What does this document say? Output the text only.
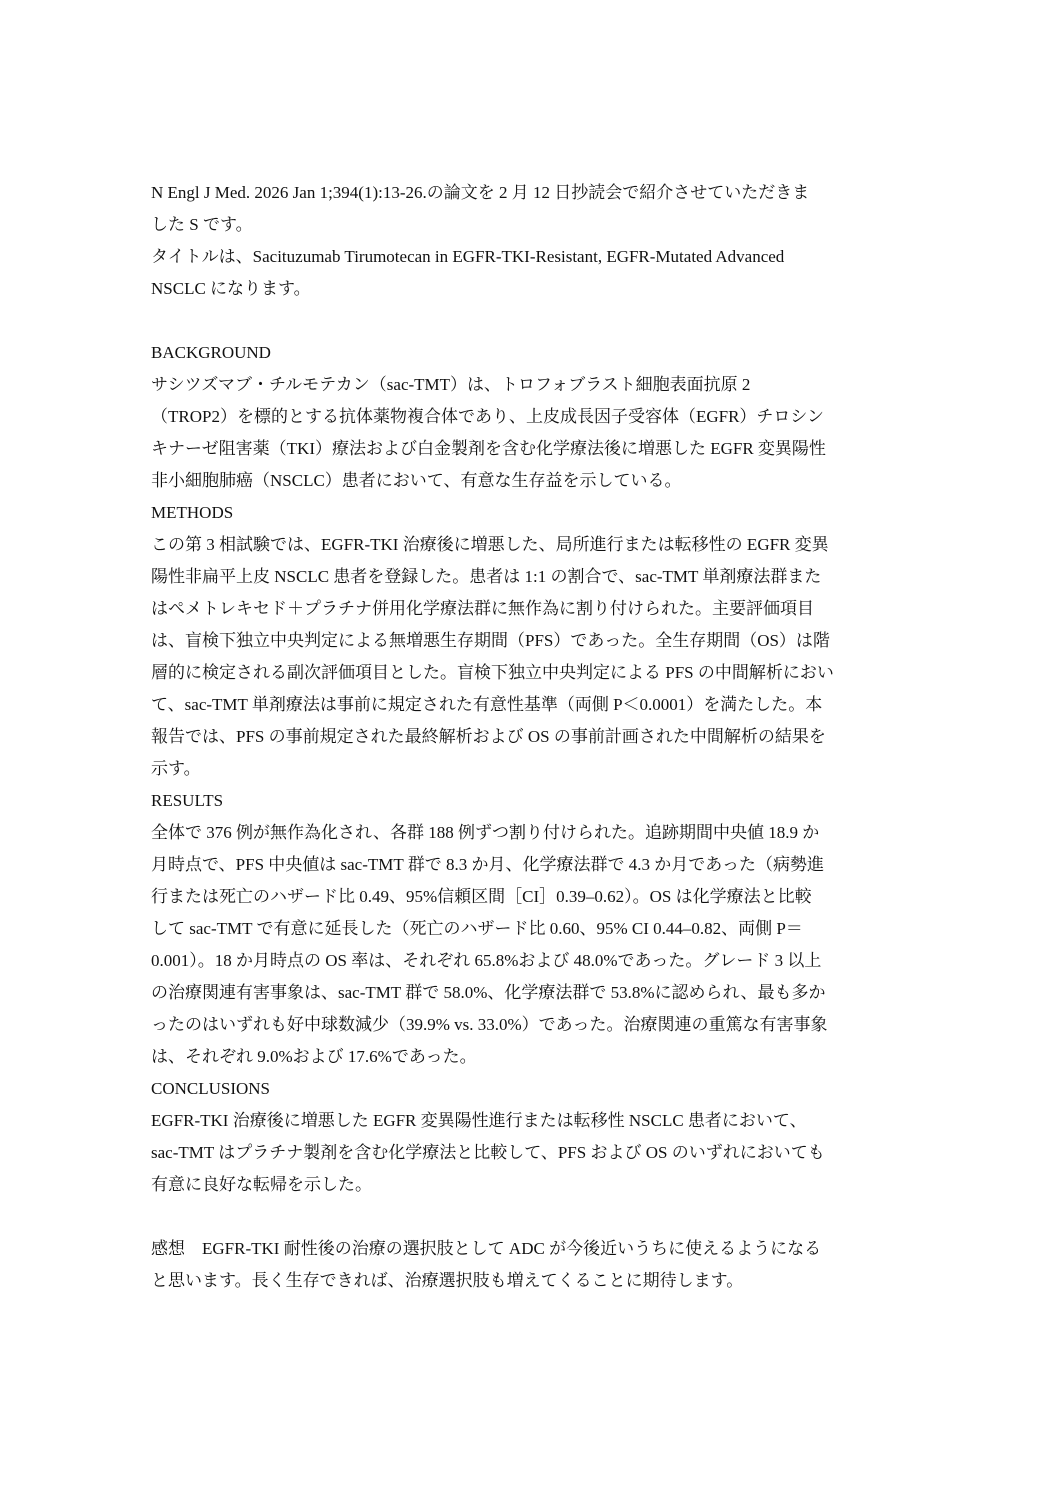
N Engl J Med. 2026 Jan 1;394(1):13-26.の論文を 2 月 12 日抄読会で紹介させていただきま
した S です。
タイトルは、Sacituzumab Tirumotecan in EGFR-TKI-Resistant, EGFR-Mutated Advanced
NSCLC になります。
BACKGROUND
サシツズマブ・チルモテカン（sac-TMT）は、トロフォブラスト細胞表面抗原 2
（TROP2）を標的とする抗体薬物複合体であり、上皮成長因子受容体（EGFR）チロシン
キナーゼ阻害薬（TKI）療法および白金製剤を含む化学療法後に増悪した EGFR 変異陽性
非小細胞肺癌（NSCLC）患者において、有意な生存益を示している。
METHODS
この第 3 相試験では、EGFR-TKI 治療後に増悪した、局所進行または転移性の EGFR 変異
陽性非扁平上皮 NSCLC 患者を登録した。患者は 1:1 の割合で、sac-TMT 単剤療法群また
はペメトレキセド＋プラチナ併用化学療法群に無作為に割り付けられた。主要評価項目
は、盲検下独立中央判定による無増悪生存期間（PFS）であった。全生存期間（OS）は階
層的に検定される副次評価項目とした。盲検下独立中央判定による PFS の中間解析におい
て、sac-TMT 単剤療法は事前に規定された有意性基準（両側 P＜0.0001）を満たした。本
報告では、PFS の事前規定された最終解析および OS の事前計画された中間解析の結果を
示す。
RESULTS
全体で 376 例が無作為化され、各群 188 例ずつ割り付けられた。追跡期間中央値 18.9 か
月時点で、PFS 中央値は sac-TMT 群で 8.3 か月、化学療法群で 4.3 か月であった（病勢進
行または死亡のハザード比 0.49、95%信頼区間［CI］0.39–0.62）。OS は化学療法と比較
して sac-TMT で有意に延長した（死亡のハザード比 0.60、95% CI 0.44–0.82、両側 P＝
0.001）。18 か月時点の OS 率は、それぞれ 65.8%および 48.0%であった。グレード 3 以上
の治療関連有害事象は、sac-TMT 群で 58.0%、化学療法群で 53.8%に認められ、最も多か
ったのはいずれも好中球数減少（39.9% vs. 33.0%）であった。治療関連の重篤な有害事象
は、それぞれ 9.0%および 17.6%であった。
CONCLUSIONS
EGFR-TKI 治療後に増悪した EGFR 変異陽性進行または転移性 NSCLC 患者において、
sac-TMT はプラチナ製剤を含む化学療法と比較して、PFS および OS のいずれにおいても
有意に良好な転帰を示した。
感想　EGFR-TKI 耐性後の治療の選択肢として ADC が今後近いうちに使えるようになる
と思います。長く生存できれば、治療選択肢も増えてくることに期待します。
